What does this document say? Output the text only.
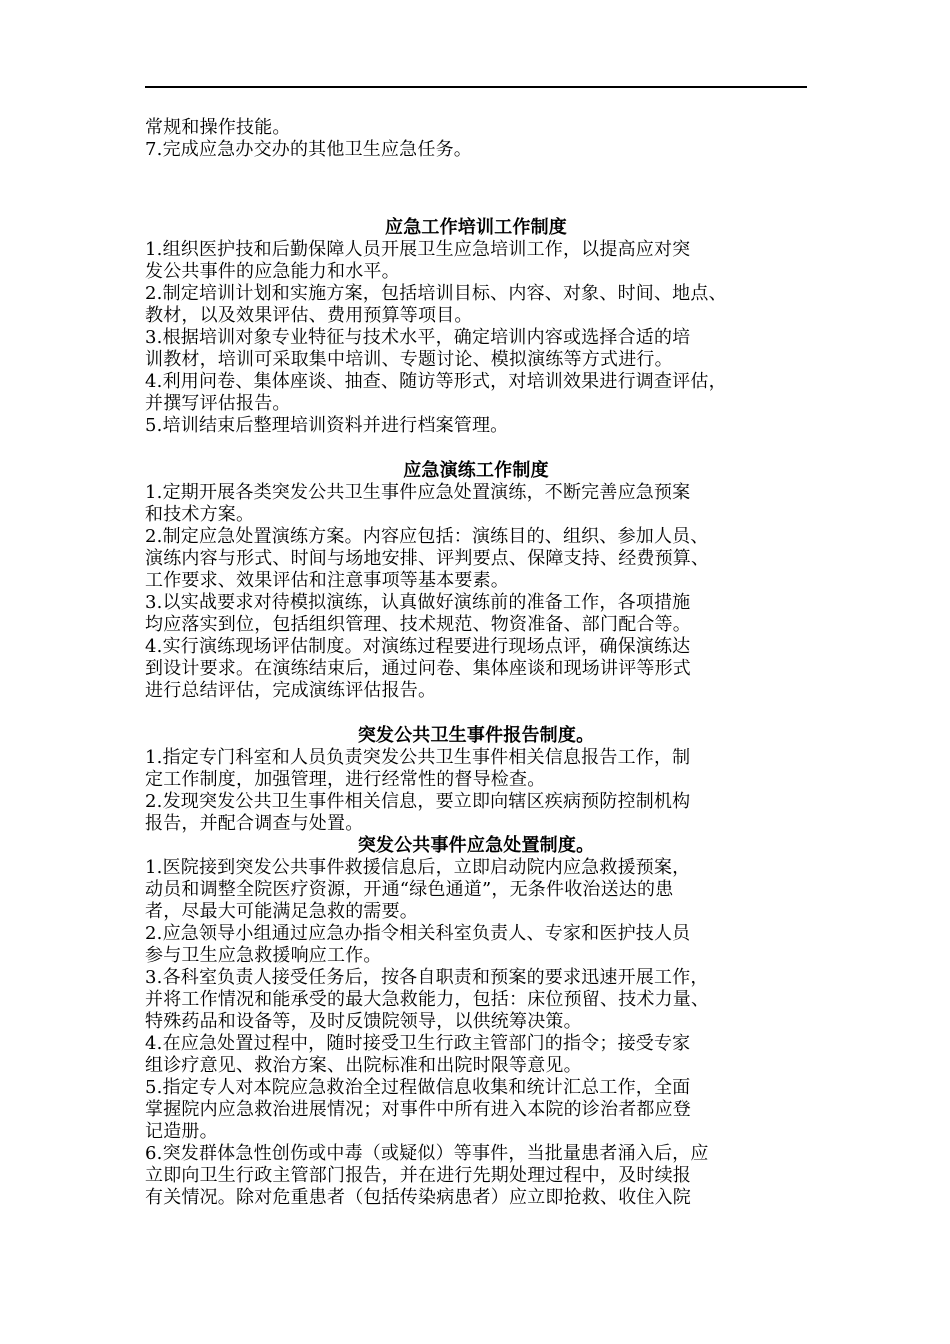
常规和操作技能。
7.完成应急办交办的其他卫生应急任务。
应急工作培训工作制度
1.组织医护技和后勤保障人员开展卫生应急培训工作，以提高应对突
发公共事件的应急能力和水平。
2.制定培训计划和实施方案，包括培训目标、内容、对象、时间、地点、
教材，以及效果评估、费用预算等项目。
3.根据培训对象专业特征与技术水平，确定培训内容或选择合适的培
训教材，培训可采取集中培训、专题讨论、模拟演练等方式进行。
4.利用问卷、集体座谈、抽查、随访等形式，对培训效果进行调查评估，
并撰写评估报告。
5.培训结束后整理培训资料并进行档案管理。
应急演练工作制度
1.定期开展各类突发公共卫生事件应急处置演练，不断完善应急预案
和技术方案。
2.制定应急处置演练方案。内容应包括：演练目的、组织、参加人员、
演练内容与形式、时间与场地安排、评判要点、保障支持、经费预算、
工作要求、效果评估和注意事项等基本要素。
3.以实战要求对待模拟演练，认真做好演练前的准备工作，各项措施
均应落实到位，包括组织管理、技术规范、物资准备、部门配合等。
4.实行演练现场评估制度。对演练过程要进行现场点评，确保演练达
到设计要求。在演练结束后，通过问卷、集体座谈和现场讲评等形式
进行总结评估，完成演练评估报告。
突发公共卫生事件报告制度。
1.指定专门科室和人员负责突发公共卫生事件相关信息报告工作，制
定工作制度，加强管理，进行经常性的督导检查。
2.发现突发公共卫生事件相关信息，要立即向辖区疾病预防控制机构
报告，并配合调查与处置。
突发公共事件应急处置制度。
1.医院接到突发公共事件救援信息后，立即启动院内应急救援预案，
动员和调整全院医疗资源，开通“绿色通道”，无条件收治送达的患
者，尽最大可能满足急救的需要。
2.应急领导小组通过应急办指令相关科室负责人、专家和医护技人员
参与卫生应急救援响应工作。
3.各科室负责人接受任务后，按各自职责和预案的要求迅速开展工作，
并将工作情况和能承受的最大急救能力，包括：床位预留、技术力量、
特殊药品和设备等，及时反馈院领导，以供统筹决策。
4.在应急处置过程中，随时接受卫生行政主管部门的指令；接受专家
组诊疗意见、救治方案、出院标准和出院时限等意见。
5.指定专人对本院应急救治全过程做信息收集和统计汇总工作，全面
掌握院内应急救治进展情况；对事件中所有进入本院的诊治者都应登
记造册。
6.突发群体急性创伤或中毒（或疑似）等事件，当批量患者涌入后，应
立即向卫生行政主管部门报告，并在进行先期处理过程中，及时续报
有关情况。除对危重患者（包括传染病患者）应立即抢救、收住入院
